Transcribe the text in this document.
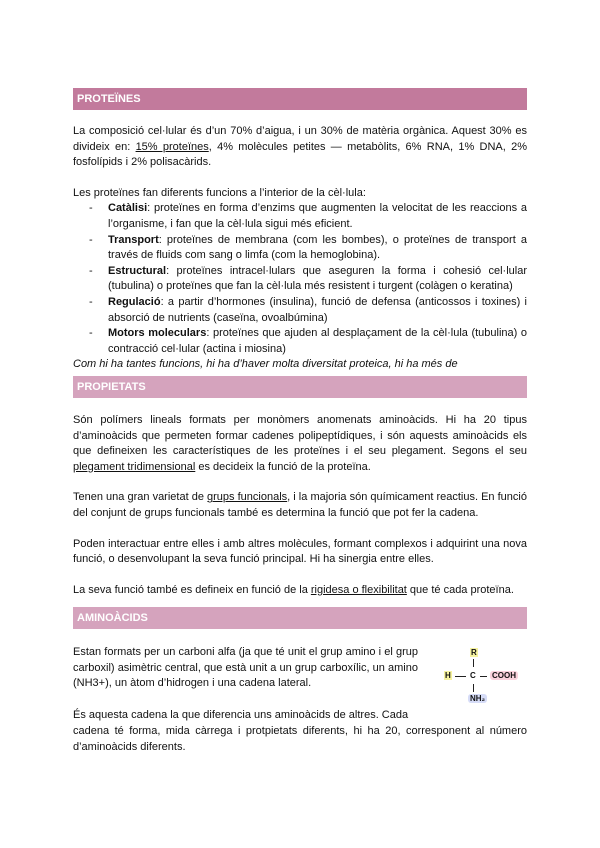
PROTEÏNES

La composició cel·lular és d’un 70% d’aigua, i un 30% de matèria orgànica. Aquest 30% es divideix en: 15% proteïnes, 4% molècules petites — metabòlits, 6% RNA, 1% DNA, 2% fosfolípids i 2% polisacàrids.

Les proteïnes fan diferents funcions a l’interior de la cèl·lula:

- Catàlisi: proteïnes en forma d’enzims que augmenten la velocitat de les reaccions a l’organisme, i fan que la cèl·lula sigui més eficient.
- Transport: proteïnes de membrana (com les bombes), o proteïnes de transport a través de fluids com sang o limfa (com la hemoglobina).
- Estructural: proteïnes intracel·lulars que aseguren la forma i cohesió cel·lular (tubulina) o proteïnes que fan la cèl·lula més resistent i turgent (colàgen o keratina)
- Regulació: a partir d’hormones (insulina), funció de defensa (anticossos i toxines) i absorció de nutrients (caseïna, ovoalbúmina)
- Motors moleculars: proteïnes que ajuden al desplaçament de la cèl·lula (tubulina) o contracció cel·lular (actina i miosina)

Com hi ha tantes funcions, hi ha d’haver molta diversitat proteica, hi ha més de

PROPIETATS

Són polímers lineals formats per monòmers anomenats aminoàcids. Hi ha 20 tipus d’aminoàcids que permeten formar cadenes polipeptídiques, i són aquests aminoàcids els que defineixen les característiques de les proteïnes i el seu plegament. Segons el seu plegament tridimensional es decideix la funció de la proteïna.

Tenen una gran varietat de grups funcionals, i la majoria són químicament reactius. En funció del conjunt de grups funcionals també es determina la funció que pot fer la cadena.

Poden interactuar entre elles i amb altres molècules, formant complexos i adquirint una nova funció, o desenvolupant la seva funció principal. Hi ha sinergia entre elles.

La seva funció també es defineix en funció de la rigidesa o flexibilitat que té cada proteïna.

AMINOÀCIDS
Estan formats per un carboni alfa (ja que té unit el grup amino i el grup carboxil) asimètric central, que està unit a un grup carboxílic, un amino (NH3+), un àtom d’hidrogen i una cadena lateral.
És aquesta cadena la que diferencia uns aminoàcids de altres. Cada
cadena té forma, mida càrrega i protpietats diferents, hi ha 20, corresponent al número d’aminoàcids diferents.
R
H C COOH
NH₂
